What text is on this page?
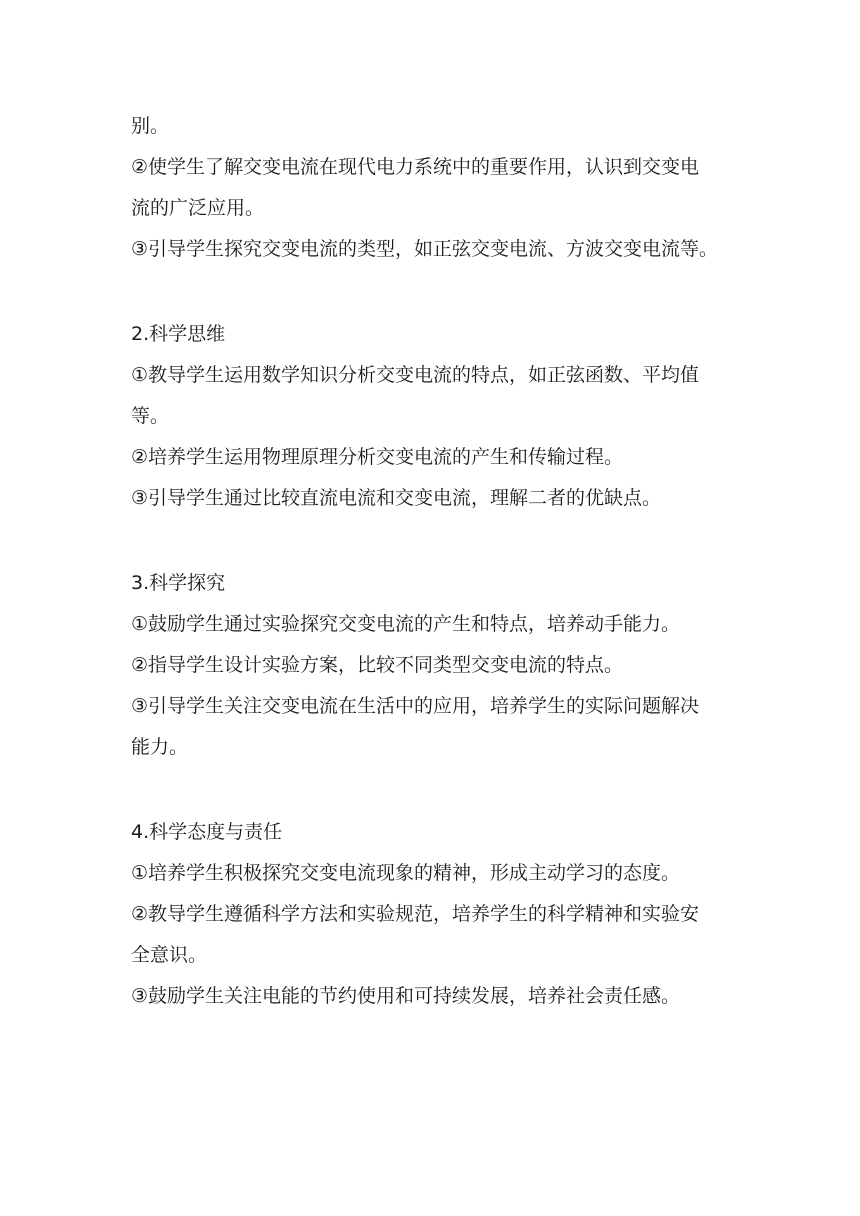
别。
②使学生了解交变电流在现代电力系统中的重要作用，认识到交变电
流的广泛应用。
③引导学生探究交变电流的类型，如正弦交变电流、方波交变电流等。
2.科学思维
①教导学生运用数学知识分析交变电流的特点，如正弦函数、平均值
等。
②培养学生运用物理原理分析交变电流的产生和传输过程。
③引导学生通过比较直流电流和交变电流，理解二者的优缺点。
3.科学探究
①鼓励学生通过实验探究交变电流的产生和特点，培养动手能力。
②指导学生设计实验方案，比较不同类型交变电流的特点。
③引导学生关注交变电流在生活中的应用，培养学生的实际问题解决
能力。
4.科学态度与责任
①培养学生积极探究交变电流现象的精神，形成主动学习的态度。
②教导学生遵循科学方法和实验规范，培养学生的科学精神和实验安
全意识。
③鼓励学生关注电能的节约使用和可持续发展，培养社会责任感。
